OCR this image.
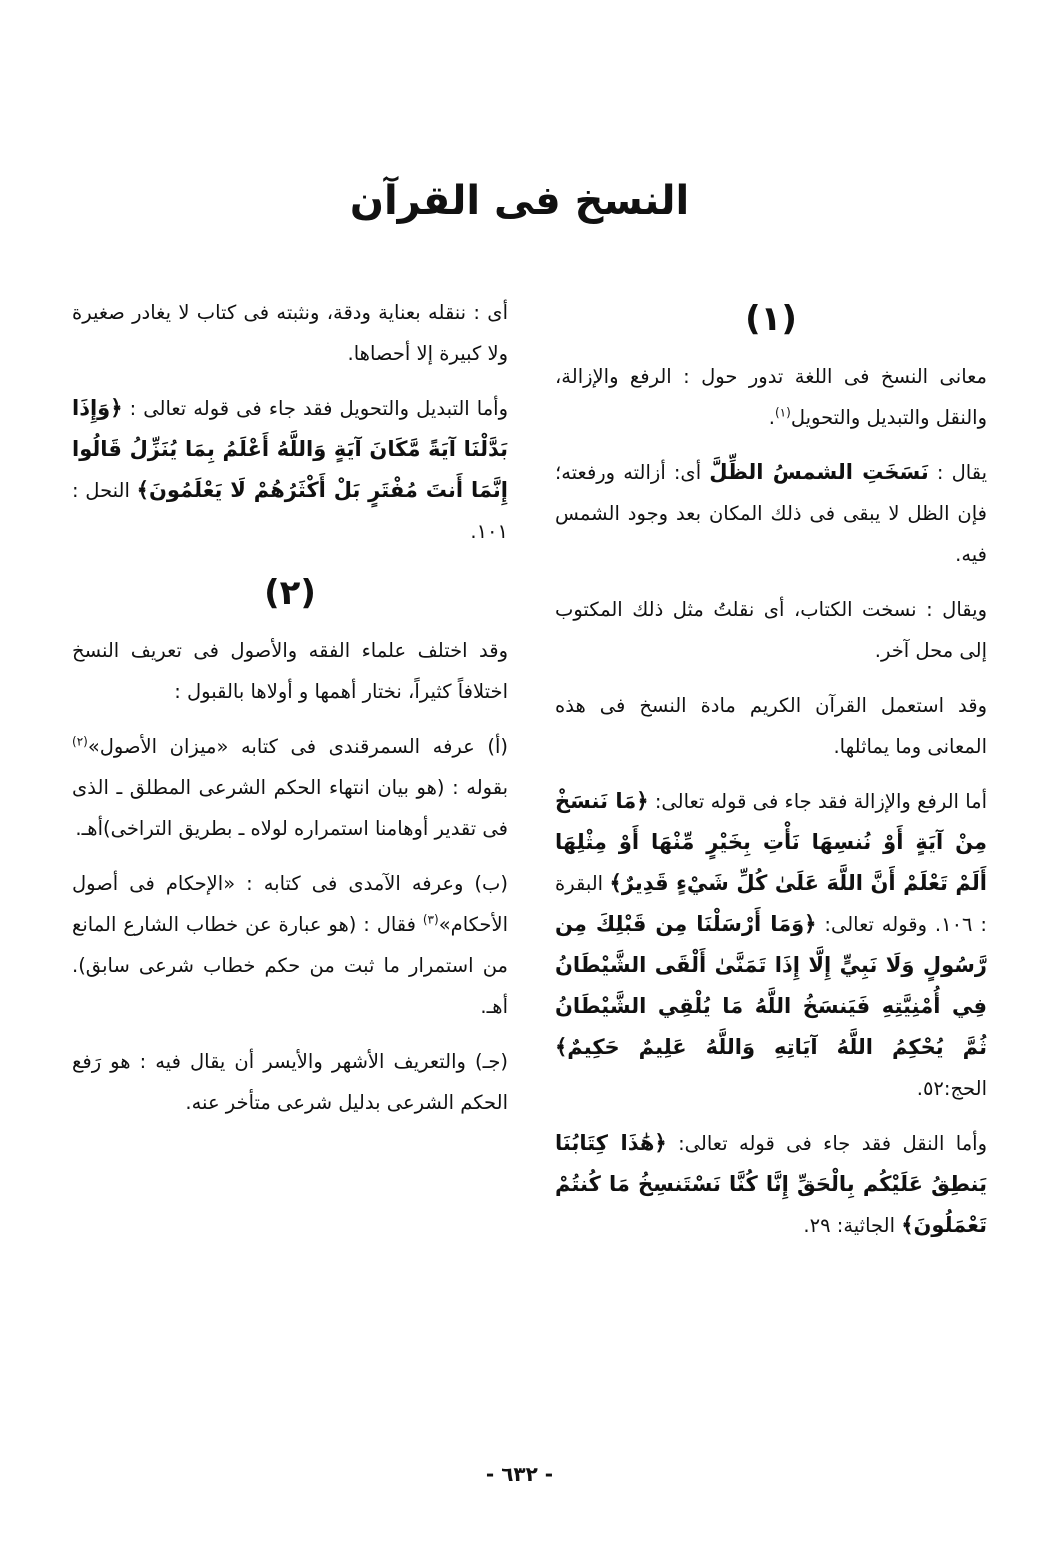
النسخ فى القرآن
(١)

معانى النسخ فى اللغة تدور حول : الرفع والإزالة، والنقل والتبديل والتحويل$^{(١)}$.

يقال : نَسَخَتِ الشمسُ الظِّلَّ أى: أزالته ورفعته؛ فإن الظل لا يبقى فى ذلك المكان بعد وجود الشمس فيه.

ويقال : نسخت الكتاب، أى نقلتُ مثل ذلك المكتوب إلى محل آخر.

وقد استعمل القرآن الكريم مادة النسخ فى هذه المعانى وما يماثلها.

أما الرفع والإزالة فقد جاء فى قوله تعالى: ﴿مَا نَنسَخْ مِنْ آيَةٍ أَوْ نُنسِهَا نَأْتِ بِخَيْرٍ مِّنْهَا أَوْ مِثْلِهَا أَلَمْ تَعْلَمْ أَنَّ اللَّهَ عَلَىٰ كُلِّ شَيْءٍ قَدِيرٌ﴾ البقرة : ١٠٦. وقوله تعالى: ﴿وَمَا أَرْسَلْنَا مِن قَبْلِكَ مِن رَّسُولٍ وَلَا نَبِيٍّ إِلَّا إِذَا تَمَنَّىٰ أَلْقَى الشَّيْطَانُ فِي أُمْنِيَّتِهِ فَيَنسَخُ اللَّهُ مَا يُلْقِي الشَّيْطَانُ ثُمَّ يُحْكِمُ اللَّهُ آيَاتِهِ وَاللَّهُ عَلِيمٌ حَكِيمٌ﴾ الحج:٥٢.

وأما النقل فقد جاء فى قوله تعالى: ﴿هَٰذَا كِتَابُنَا يَنطِقُ عَلَيْكُم بِالْحَقِّ إِنَّا كُنَّا نَسْتَنسِخُ مَا كُنتُمْ تَعْمَلُونَ﴾ الجاثية: ٢٩.

أى : ننقله بعناية ودقة، ونثبته فى كتاب لا يغادر صغيرة ولا كبيرة إلا أحصاها.

وأما التبديل والتحويل فقد جاء فى قوله تعالى : ﴿وَإِذَا بَدَّلْنَا آيَةً مَّكَانَ آيَةٍ وَاللَّهُ أَعْلَمُ بِمَا يُنَزِّلُ قَالُوا إِنَّمَا أَنتَ مُفْتَرٍ بَلْ أَكْثَرُهُمْ لَا يَعْلَمُونَ﴾ النحل : ١٠١.

(٢)

وقد اختلف علماء الفقه والأصول فى تعريف النسخ اختلافاً كثيراً، نختار أهمها و أولاها بالقبول :

(أ) عرفه السمرقندى فى كتابه «ميزان الأصول»$^{(٢)}$ بقوله : (هو بيان انتهاء الحكم الشرعى المطلق ـ الذى فى تقدير أوهامنا استمراره لولاه ـ بطريق التراخى)أهـ.

(ب) وعرفه الآمدى فى كتابه : «الإحكام فى أصول الأحكام»$^{(٣)}$ فقال : (هو عبارة عن خطاب الشارع المانع من استمرار ما ثبت من حكم خطاب شرعى سابق). أهـ.

(جـ) والتعريف الأشهر والأيسر أن يقال فيه : هو رَفع الحكم الشرعى بدليل شرعى متأخر عنه.

- ٦٣٢ -
